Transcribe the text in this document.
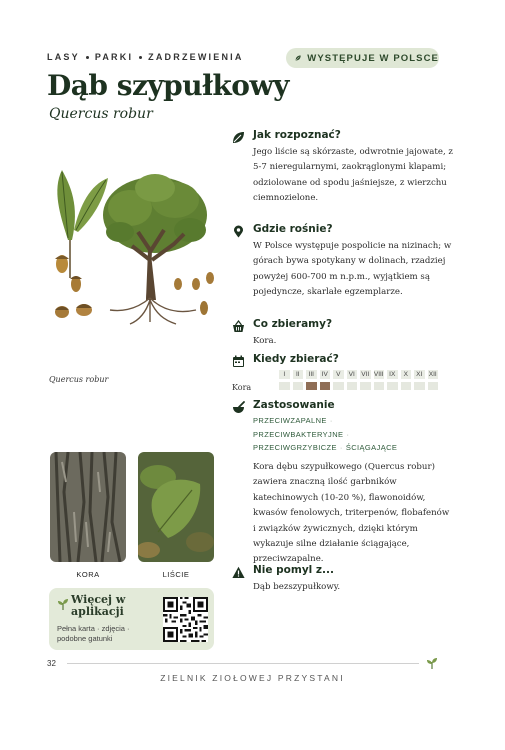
LASY PARKI ZADRZEWIENIA	WYSTĘPUJE W POLSCE
Dąb szypułkowy
Quercus robur
Quercus robur
KORA	LIŚCIE
Więcej w aplikacji
Pełna karta · zdjęcia · podobne gatunki
Jak rozpoznać?
Jego liście są skórzaste, odwrotnie jajowate, z 5-7 nieregularnymi, zaokrąglonymi klapami; odziolowane od spodu jaśniejsze, z wierzchu ciemnozielone.
Gdzie rośnie?
W Polsce występuje pospolicie na nizinach; w górach bywa spotykany w dolinach, rzadziej powyżej 600-700 m n.p.m., wyjątkiem są pojedyncze, skarlałe egzemplarze.
Co zbieramy?
Kora.
Kiedy zbierać?
Kora
I	II	III	IV	V	VI VII VIII IX	X	XI XII
Zastosowanie
PRZECIWZAPALNE ·
PRZECIWBAKTERYJNE ·
PRZECIWGRZYBICZE · ŚCIĄGAJĄCE
Kora dębu szypułkowego (Quercus robur) zawiera znaczną ilość garbników katechinowych (10-20 %), flawonoidów, kwasów fenolowych, triterpenów, flobafenów i związków żywicznych, dzięki którym wykazuje silne działanie ściągające, przeciwzapalne.
Nie pomyl z...
Dąb bezszypułkowy.
32
ZIELNIK ZIOŁOWEJ PRZYSTANI
